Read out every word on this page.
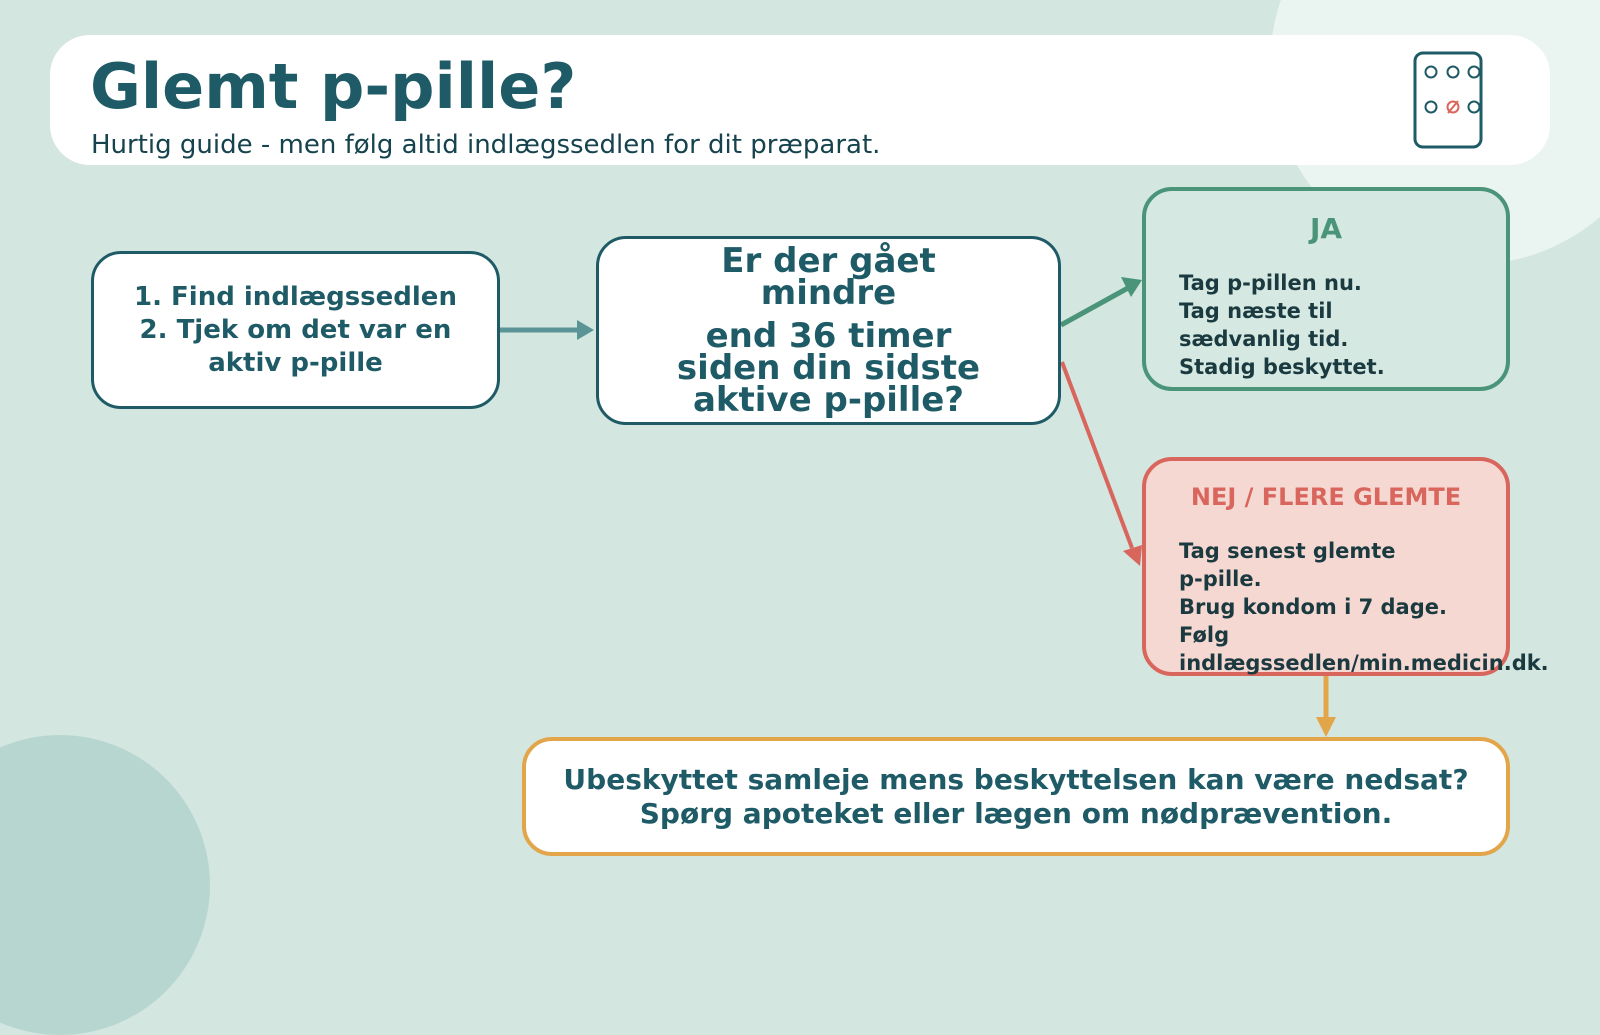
Glemt p-pille?
Hurtig guide - men følg altid indlægssedlen for dit præparat.
1. Find indlægssedlen
2. Tjek om det var en
aktiv p-pille
Er der gået mindre
end 36 timer siden din sidste aktive p-pille?
JA
Tag p-pillen nu.
Tag næste til
sædvanlig tid.
Stadig beskyttet.
NEJ / FLERE GLEMTE
Tag senest glemte
p-pille.
Brug kondom i 7 dage.
Følg
indlægssedlen/min.medicin.dk.
Ubeskyttet samleje mens beskyttelsen kan være nedsat?
Spørg apoteket eller lægen om nødprævention.
